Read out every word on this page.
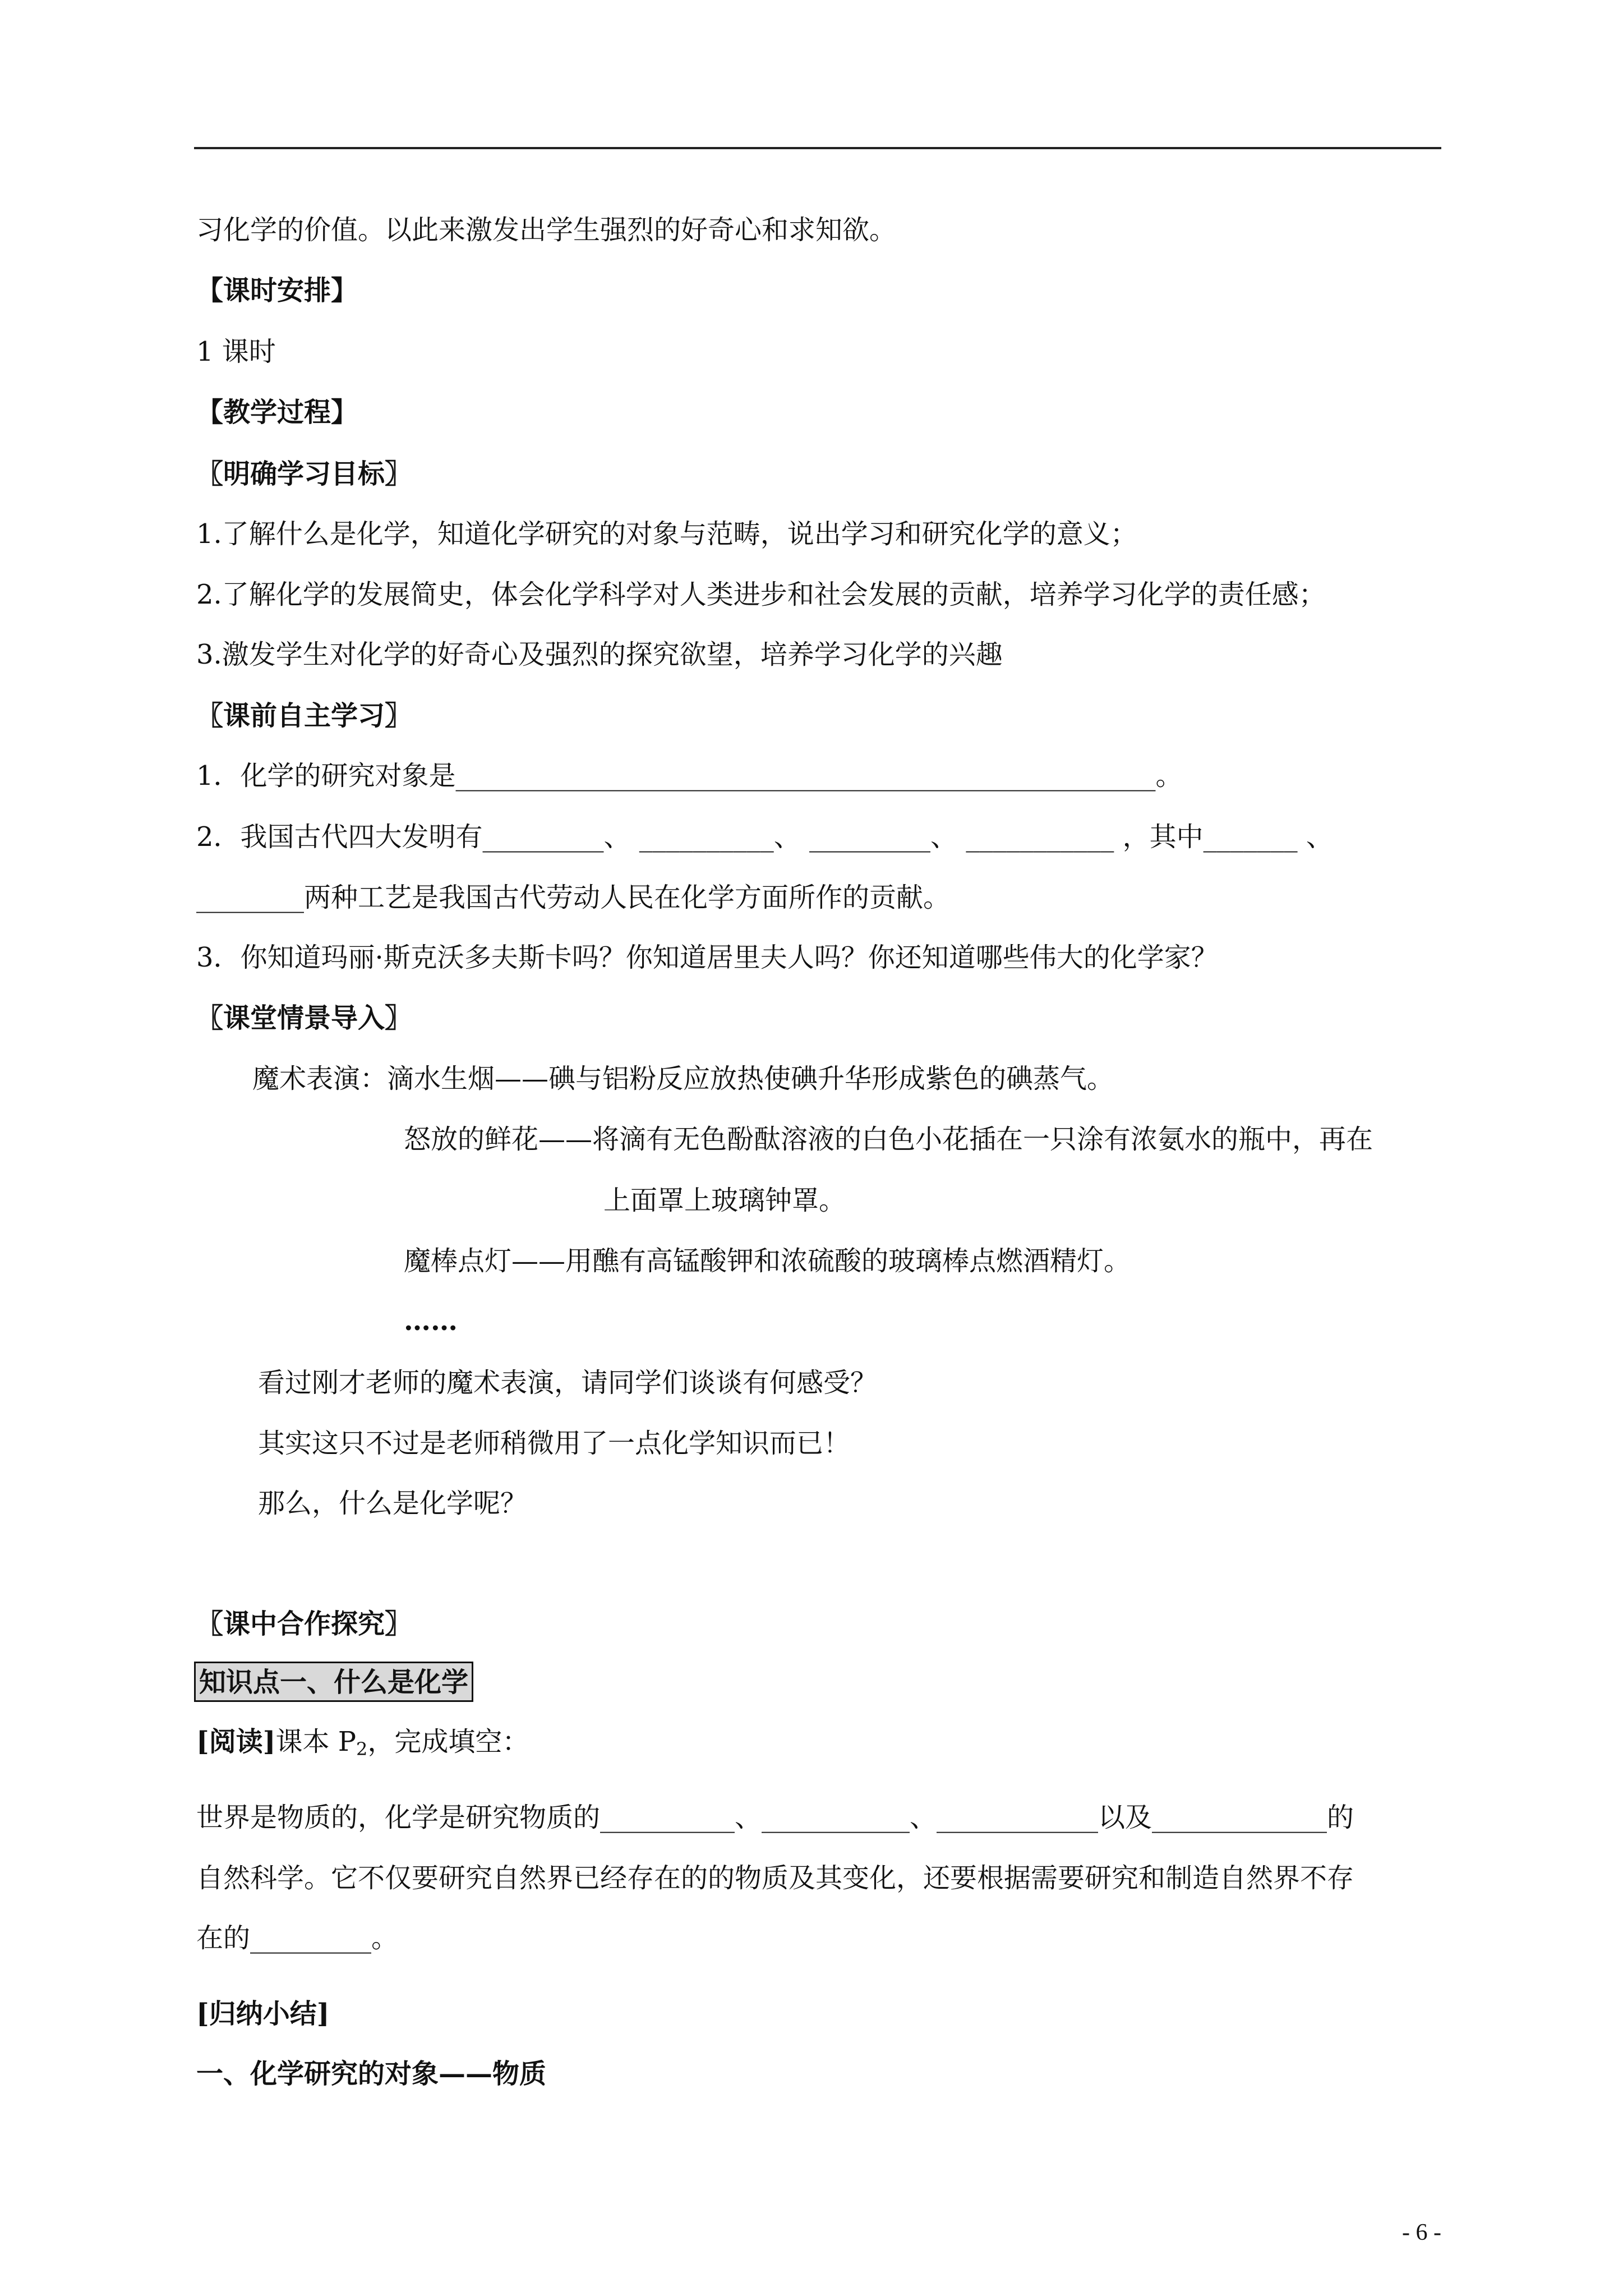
习化学的价值。以此来激发出学生强烈的好奇心和求知欲。
【课时安排】
1 课时
【教学过程】
〖明确学习目标〗
1.了解什么是化学，知道化学研究的对象与范畴，说出学习和研究化学的意义；
2.了解化学的发展简史，体会化学科学对人类进步和社会发展的贡献，培养学习化学的责任感；
3.激发学生对化学的好奇心及强烈的探究欲望，培养学习化学的兴趣
〖课前自主学习〗
1．化学的研究对象是____________________________________________________。
2．我国古代四大发明有_________、 __________、 _________、 ___________ ，其中_______ 、
________两种工艺是我国古代劳动人民在化学方面所作的贡献。
3．你知道玛丽·斯克沃多夫斯卡吗？你知道居里夫人吗？你还知道哪些伟大的化学家？
〖课堂情景导入〗
魔术表演：滴水生烟——碘与铝粉反应放热使碘升华形成紫色的碘蒸气。
怒放的鲜花——将滴有无色酚酞溶液的白色小花插在一只涂有浓氨水的瓶中，再在
上面罩上玻璃钟罩。
魔棒点灯——用醮有高锰酸钾和浓硫酸的玻璃棒点燃酒精灯。
……
看过刚才老师的魔术表演，请同学们谈谈有何感受？
其实这只不过是老师稍微用了一点化学知识而已！
那么，什么是化学呢？
〖课中合作探究〗
知识点一、什么是化学
[阅读]课本 $P_2$，完成填空：
世界是物质的，化学是研究物质的__________、___________、____________以及_____________的
自然科学。它不仅要研究自然界已经存在的的物质及其变化，还要根据需要研究和制造自然界不存
在的_________。
[归纳小结]
一、化学研究的对象——物质
- 6 -
